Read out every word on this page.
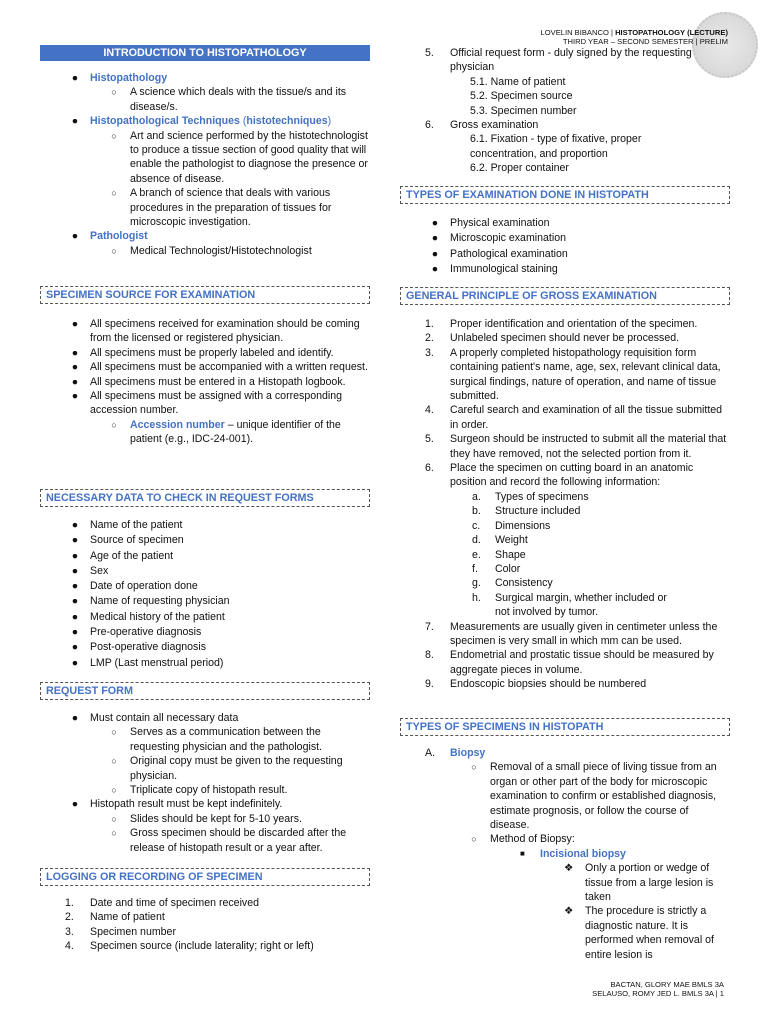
LOVELIN BIBANCO | HISTOPATHOLOGY (LECTURE)
THIRD YEAR – SECOND SEMESTER | PRELIM
INTRODUCTION TO HISTOPATHOLOGY
●	Histopathology
○	A science which deals with the tissue/s and its disease/s.
●	Histopathological Techniques (histotechniques)
○	Art and science performed by the histotechnologist to produce a tissue section of good quality that will enable the pathologist to diagnose the presence or absence of disease.
○	A branch of science that deals with various procedures in the preparation of tissues for microscopic investigation.
●	Pathologist
○	Medical Technologist/Histotechnologist
SPECIMEN SOURCE FOR EXAMINATION
●	All specimens received for examination should be coming from the licensed or registered physician.
●	All specimens must be properly labeled and identify.
●	All specimens must be accompanied with a written request.
●	All specimens must be entered in a Histopath logbook.
●	All specimens must be assigned with a corresponding accession number.
○	Accession number – unique identifier of the patient (e.g., IDC-24-001).
NECESSARY DATA TO CHECK IN REQUEST FORMS
●	Name of the patient
●	Source of specimen
●	Age of the patient
●	Sex
●	Date of operation done
●	Name of requesting physician
●	Medical history of the patient
●	Pre-operative diagnosis
●	Post-operative diagnosis
●	LMP (Last menstrual period)
REQUEST FORM
●	Must contain all necessary data
○	Serves as a communication between the requesting physician and the pathologist.
○	Original copy must be given to the requesting physician.
○	Triplicate copy of histopath result.
●	Histopath result must be kept indefinitely.
○	Slides should be kept for 5-10 years.
○	Gross specimen should be discarded after the release of histopath result or a year after.
LOGGING OR RECORDING OF SPECIMEN
1.	Date and time of specimen received
2.	Name of patient
3.	Specimen number
4.	Specimen source (include laterality; right or left)
5.	Official request form - duly signed by the requesting physician
5.1. Name of patient
5.2. Specimen source
5.3. Specimen number
6.	Gross examination
6.1. Fixation - type of fixative, proper concentration, and proportion
6.2. Proper container
TYPES OF EXAMINATION DONE IN HISTOPATH
●	Physical examination
●	Microscopic examination
●	Pathological examination
●	Immunological staining
GENERAL PRINCIPLE OF GROSS EXAMINATION
1.	Proper identification and orientation of the specimen.
2.	Unlabeled specimen should never be processed.
3.	A properly completed histopathology requisition form containing patient's name, age, sex, relevant clinical data, surgical findings, nature of operation, and name of tissue submitted.
4.	Careful search and examination of all the tissue submitted in order.
5.	Surgeon should be instructed to submit all the material that they have removed, not the selected portion from it.
6.	Place the specimen on cutting board in an anatomic position and record the following information:
a. Types of specimens
b. Structure included
c. Dimensions
d. Weight
e. Shape
f. Color
g. Consistency
h. Surgical margin, whether included or not involved by tumor.
7.	Measurements are usually given in centimeter unless the specimen is very small in which mm can be used.
8.	Endometrial and prostatic tissue should be measured by aggregate pieces in volume.
9.	Endoscopic biopsies should be numbered
TYPES OF SPECIMENS IN HISTOPATH
A.	Biopsy
○	Removal of a small piece of living tissue from an organ or other part of the body for microscopic examination to confirm or established diagnosis, estimate prognosis, or follow the course of disease.
○	Method of Biopsy:
■ Incisional biopsy
❖ Only a portion or wedge of tissue from a large lesion is taken
❖ The procedure is strictly a diagnostic nature. It is performed when removal of entire lesion is
BACTAN, GLORY MAE BMLS 3A
SELAUSO, ROMY JED L. BMLS 3A | 1
